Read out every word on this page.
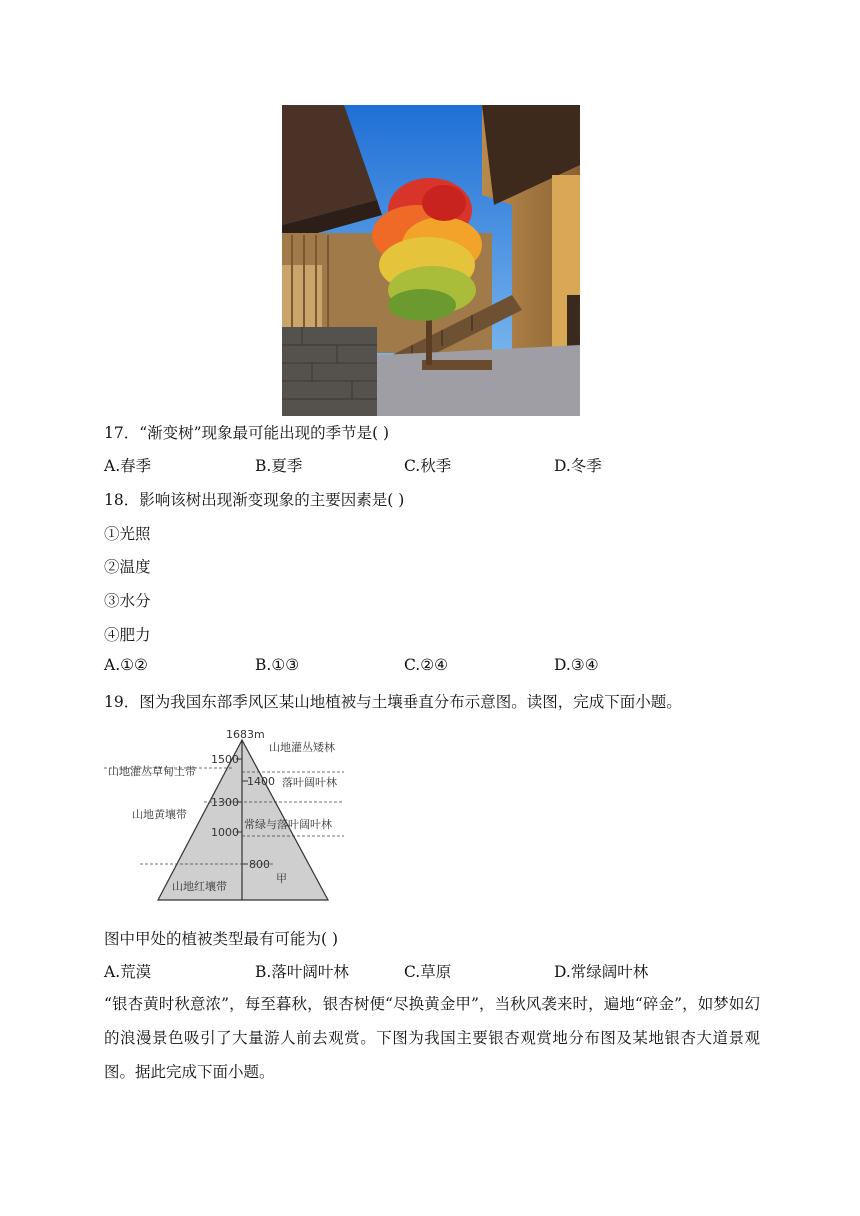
17．“渐变树”现象最可能出现的季节是( )
A.春季	B.夏季	C.秋季	D.冬季
18．影响该树出现渐变现象的主要因素是( )
①光照
②温度
③水分
④肥力
A.①②	B.①③	C.②④	D.③④
19．图为我国东部季风区某山地植被与土壤垂直分布示意图。读图，完成下面小题。
1683m
1500
1400
1300
1000
800
山地灌丛草甸土带
山地黄壤带
山地红壤带
山地灌丛矮林
落叶阔叶林
常绿与落叶阔叶林
甲
图中甲处的植被类型最有可能为( )
A.荒漠	B.落叶阔叶林	C.草原	D.常绿阔叶林
“银杏黄时秋意浓”，每至暮秋，银杏树便“尽换黄金甲”，当秋风袭来时，遍地“碎金”，如梦如幻的浪漫景色吸引了大量游人前去观赏。下图为我国主要银杏观赏地分布图及某地银杏大道景观图。据此完成下面小题。
